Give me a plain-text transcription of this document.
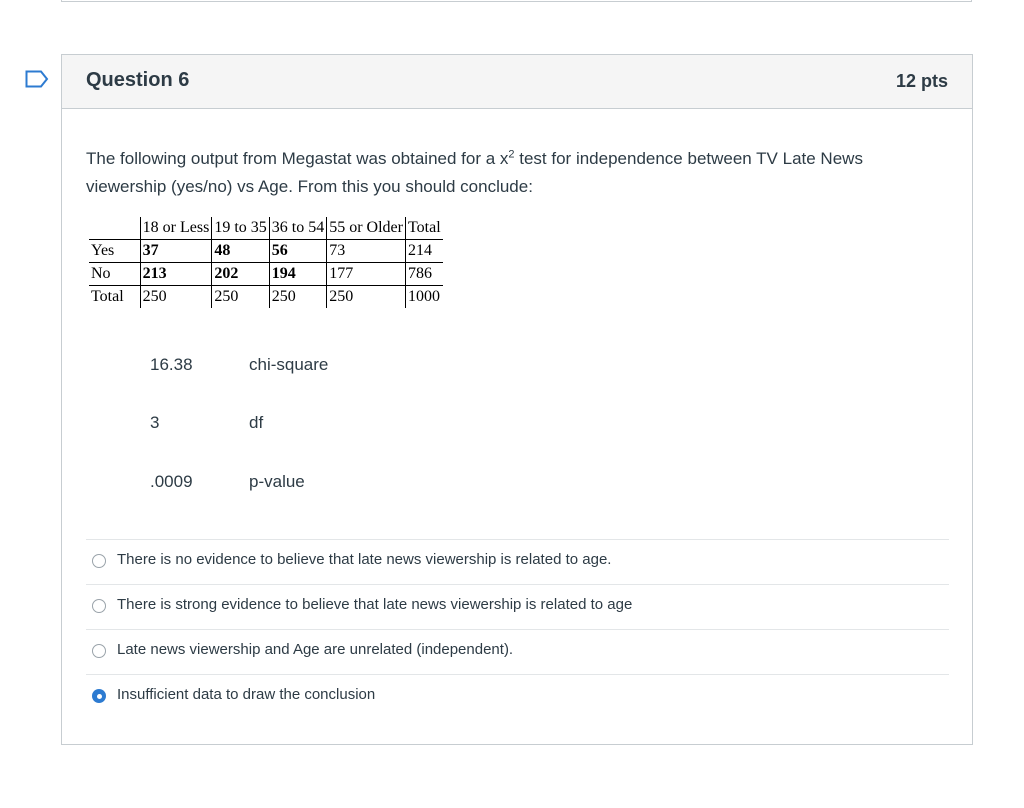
Question 6	12 pts
The following output from Megastat was obtained for a $x^2$ test for independence between TV Late News viewership (yes/no) vs Age. From this you should conclude:
	18 or Less	19 to 35	36 to 54	55 or Older	Total
Yes	37	48	56	73	214
No	213	202	194	177	786
Total	250	250	250	250	1000
16.38	chi-square
3	df
.0009	p-value
There is no evidence to believe that late news viewership is related to age.
There is strong evidence to believe that late news viewership is related to age
Late news viewership and Age are unrelated (independent).
Insufficient data to draw the conclusion
